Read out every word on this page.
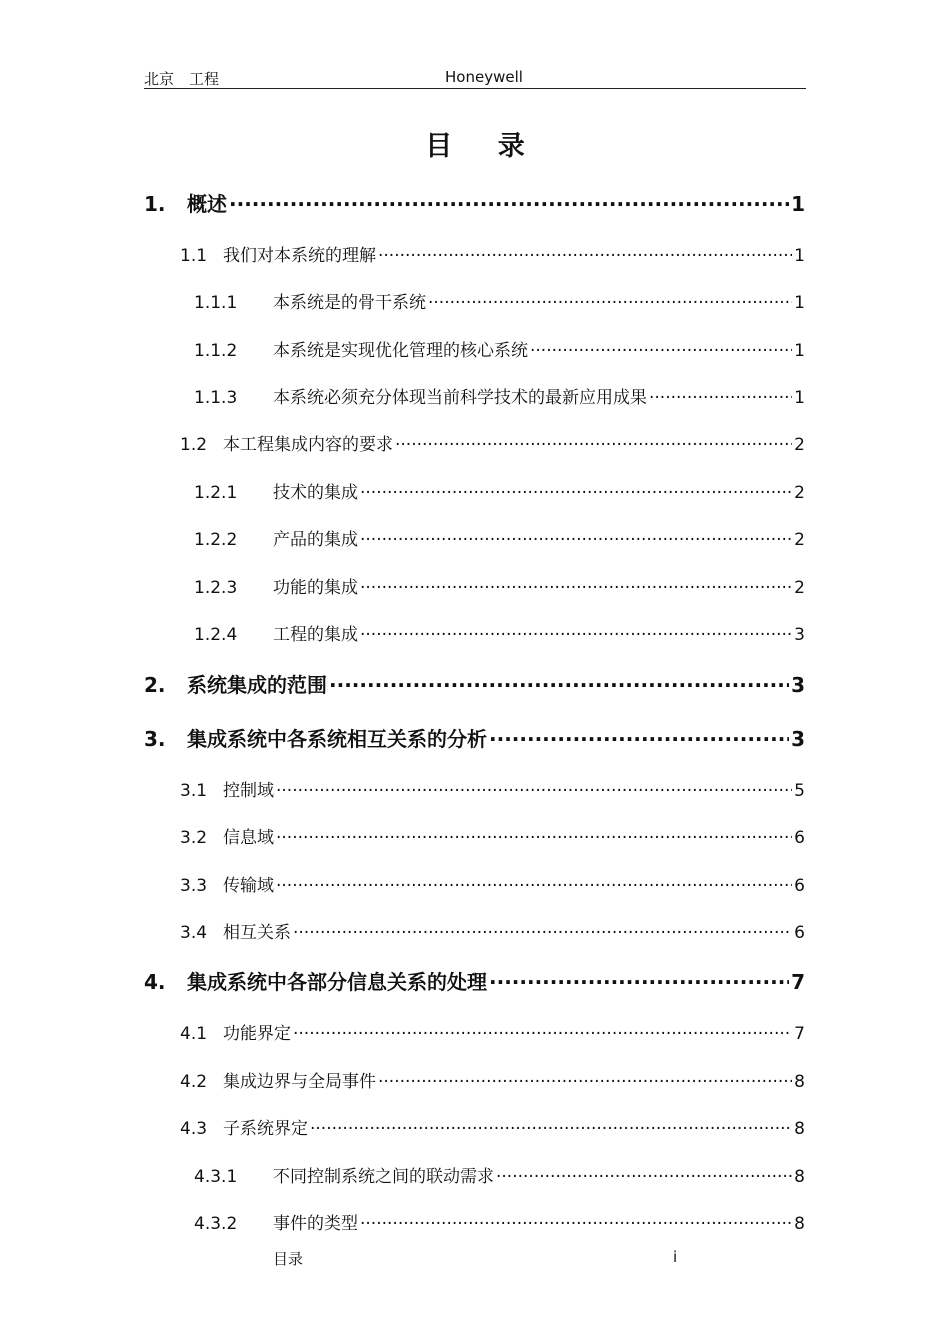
北京　工程	Honeywell
目 录
1.	概述 .....	1
1.1 我们对本系统的理解 .....	1
1.1.1	本系统是的骨干系统 .....	1
1.1.2	本系统是实现优化管理的核心系统 .....	1
1.1.3	本系统必须充分体现当前科学技术的最新应用成果 .....	1
1.2 本工程集成内容的要求 .....	2
1.2.1	技术的集成 .....	2
1.2.2	产品的集成 .....	2
1.2.3	功能的集成 .....	2
1.2.4	工程的集成 .....	3
2.	系统集成的范围 .....	3
3.	集成系统中各系统相互关系的分析 .....	3
3.1 控制域 .....	5
3.2 信息域 .....	6
3.3 传输域 .....	6
3.4 相互关系 .....	6
4.	集成系统中各部分信息关系的处理 .....	7
4.1 功能界定 .....	7
4.2 集成边界与全局事件 .....	8
4.3 子系统界定 .....	8
4.3.1	不同控制系统之间的联动需求 .....	8
4.3.2	事件的类型 .....	8
目录	i
